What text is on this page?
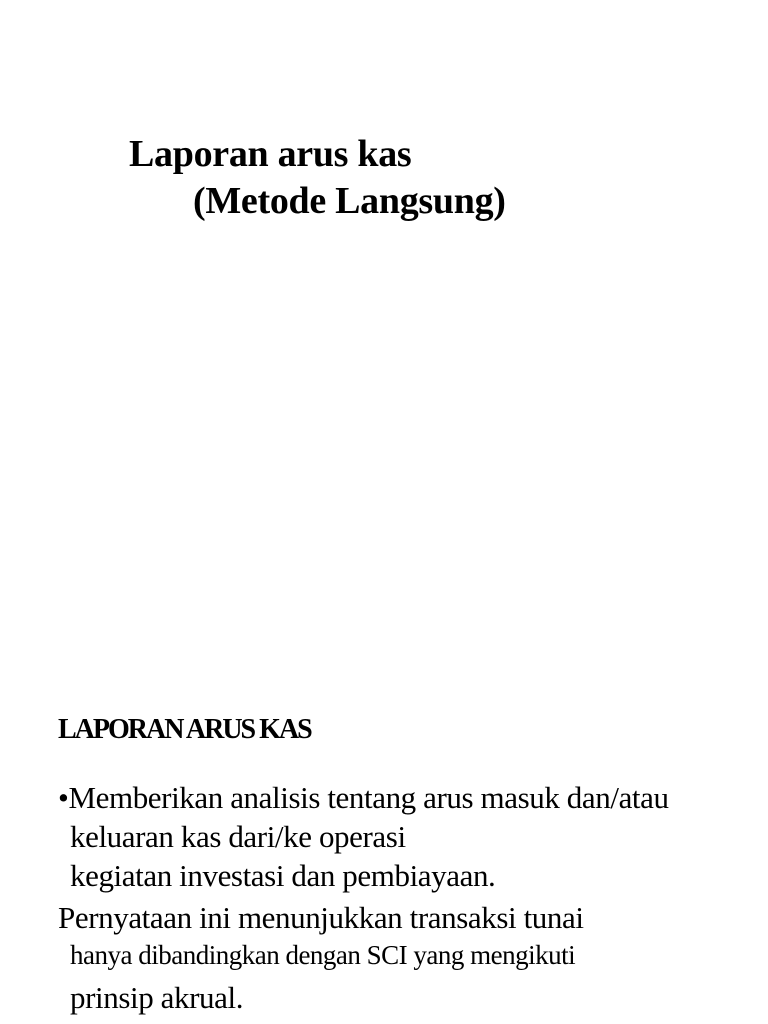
Laporan arus kas
(Metode Langsung)
LAPORAN ARUS KAS

•Memberikan analisis tentang arus masuk dan/atau

keluaran kas dari/ke operasi

kegiatan investasi dan pembiayaan.

Pernyataan ini menunjukkan transaksi tunai

hanya dibandingkan dengan SCI yang mengikuti

prinsip akrual.
